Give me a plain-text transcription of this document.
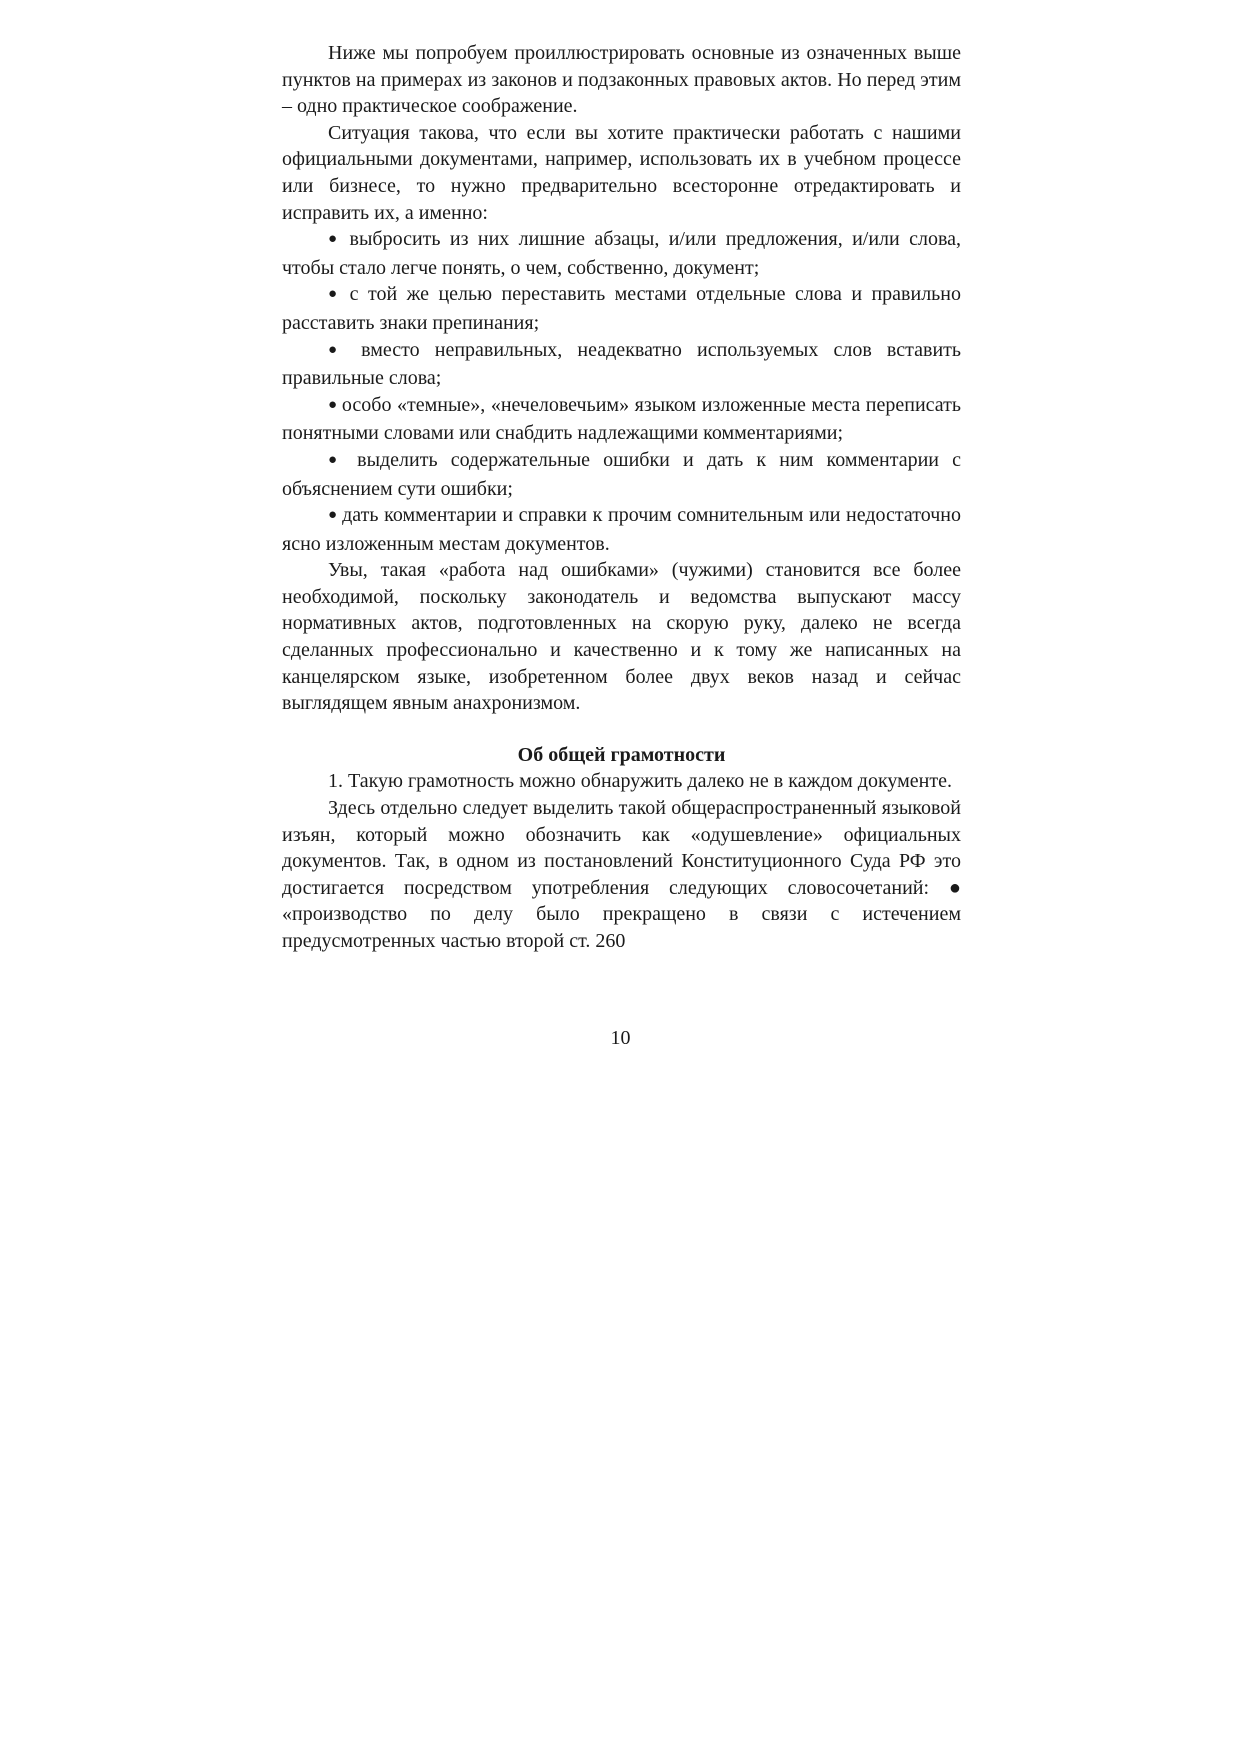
Ниже мы попробуем проиллюстрировать основные из означенных выше пунктов на примерах из законов и подзаконных правовых актов. Но перед этим – одно практическое соображение.

Ситуация такова, что если вы хотите практически работать с нашими официальными документами, например, использовать их в учебном процессе или бизнесе, то нужно предварительно всесторонне отредактировать и исправить их, а именно:

● выбросить из них лишние абзацы, и/или предложения, и/или слова, чтобы стало легче понять, о чем, собственно, документ;

● с той же целью переставить местами отдельные слова и правильно расставить знаки препинания;

● вместо неправильных, неадекватно используемых слов вставить правильные слова;

● особо «темные», «нечеловечьим» языком изложенные места переписать понятными словами или снабдить надлежащими комментариями;

● выделить содержательные ошибки и дать к ним комментарии с объяснением сути ошибки;

● дать комментарии и справки к прочим сомнительным или недостаточно ясно изложенным местам документов.

Увы, такая «работа над ошибками» (чужими) становится все более необходимой, поскольку законодатель и ведомства выпускают массу нормативных актов, подготовленных на скорую руку, далеко не всегда сделанных профессионально и качественно и к тому же написанных на канцелярском языке, изобретенном более двух веков назад и сейчас выглядящем явным анахронизмом.

Об общей грамотности

1. Такую грамотность можно обнаружить далеко не в каждом документе.

Здесь отдельно следует выделить такой общераспространенный языковой изъян, который можно обозначить как «одушевление» официальных документов. Так, в одном из постановлений Конституционного Суда РФ это достигается посредством употребления следующих словосочетаний: ● «производство по делу было прекращено в связи с истечением предусмотренных частью второй ст. 260

10
